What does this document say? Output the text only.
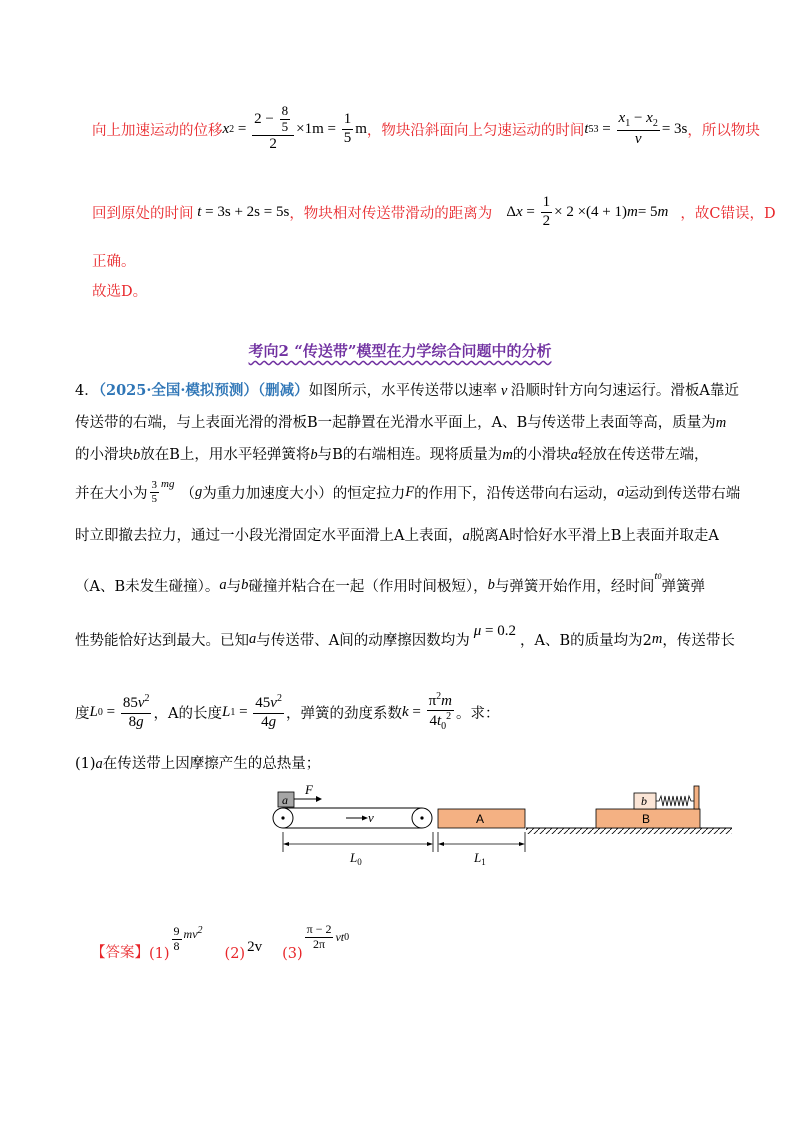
向上加速运动的位移 x $2 = \frac{2 - \frac{8}{5}}{2} \times 1m = \frac{1}{5}$ m ，物块沿斜面向上匀速运动的时间 t $53 = \frac{x_1 - x_2}{v} = 3s$ ，所以物块
回到原处的时间 t = 3s + 2s = 5s ，物块相对传送带滑动的距离为 Δ $x = \frac{1}{2} \times 2 \times(4 + 1) m = 5$ m ，故C错误，D
正确。
故选D。
考向2 “传送带”模型在力学综合问题中的分析
4．（2025·全国·模拟预测）（删减）如图所示，水平传送带以速率 v 沿顺时针方向匀速运行。滑板A靠近
传送带的右端，与上表面光滑的滑板B一起静置在光滑水平面上，A、B与传送带上表面等高，质量为m
的小滑块b放在B上，用水平轻弹簧将b与B的右端相连。现将质量为m的小滑块a轻放在传送带左端，
并在大小为 $\frac{3}{5}$ mg
（ g 为重力加速度大小）的恒定拉力 F 的作用下，沿传送带向右运动， a 运动到传送带右端
时立即撤去拉力，通过一小段光滑固定水平面滑上A上表面，a脱离A时恰好水平滑上B上表面并取走A
（A、B未发生碰撞）。 a 与 b 碰撞并粘合在一起（作用时间极短）， b 与弹簧开始作用，经时间
t0
弹簧弹
性势能恰好达到最大。已知 a 与传送带、A间的动摩擦因数均为
μ = 0.2
，A、B的质量均为2 m ，传送带长
度 L $0 = \frac{85v^2}{8g}$ ，A的长度 L $1 = \frac{45v^2}{4g}$ ，弹簧的劲度系数 $k = \frac{\pi^2m}{4t_0^2}$ 。求：
(1)a在传送带上因摩擦产生的总热量；
a
F
v	A	B
b
$L_0$	$L_1$
【答案】 $(1) \frac{9}{8} mv^2$
(2) 2v (3)
$\frac{\pi - 2}{2\pi}$ vt 0
